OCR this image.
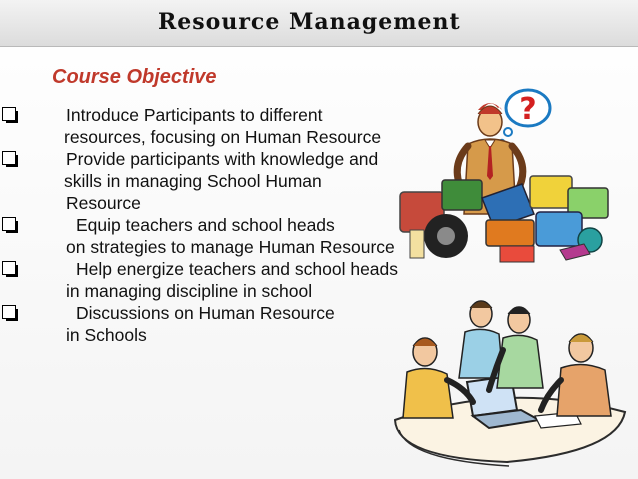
Resource Management
Course Objective
Introduce Participants to different
resources, focusing on Human Resource
Provide participants with knowledge and
skills in managing School Human
Resource
Equip teachers and school heads
on strategies to manage Human Resource
Help energize teachers and school heads
in managing discipline in school
Discussions on Human Resource
in Schools
?
